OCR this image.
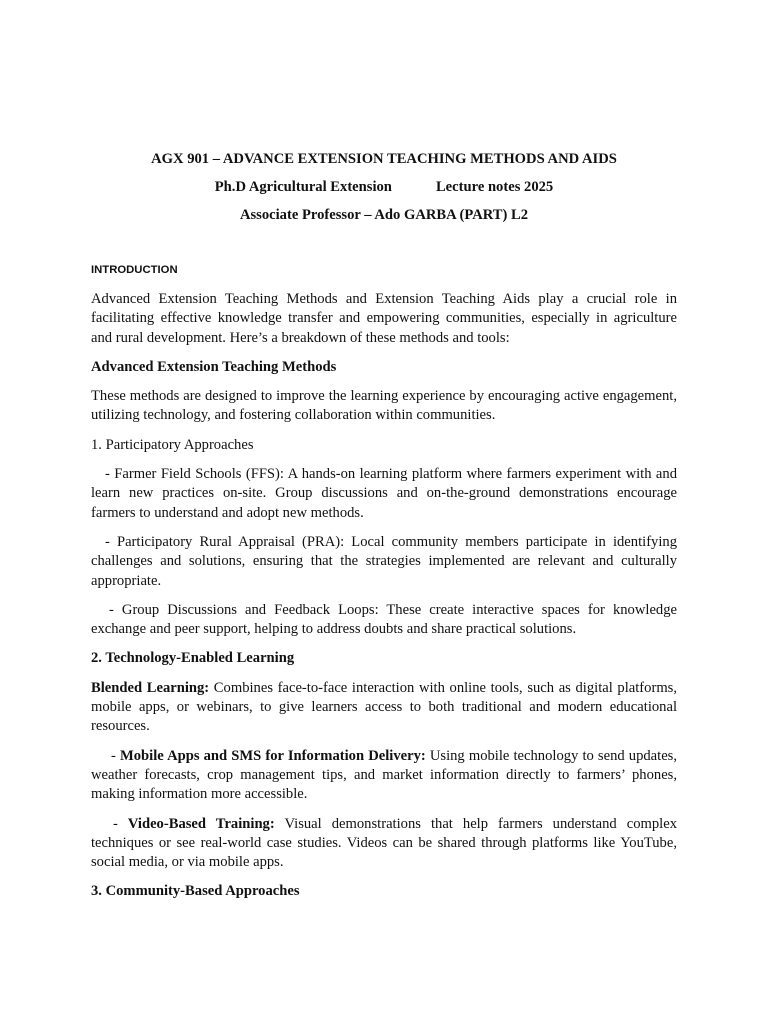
AGX 901 – ADVANCE EXTENSION TEACHING METHODS AND AIDS
Ph.D Agricultural Extension	Lecture notes 2025
Associate Professor – Ado GARBA (PART) L2
INTRODUCTION

Advanced Extension Teaching Methods and Extension Teaching Aids play a crucial role in facilitating effective knowledge transfer and empowering communities, especially in agriculture and rural development. Here’s a breakdown of these methods and tools:

Advanced Extension Teaching Methods

These methods are designed to improve the learning experience by encouraging active engagement, utilizing technology, and fostering collaboration within communities.

1. Participatory Approaches

- Farmer Field Schools (FFS): A hands-on learning platform where farmers experiment with and learn new practices on-site. Group discussions and on-the-ground demonstrations encourage farmers to understand and adopt new methods.

- Participatory Rural Appraisal (PRA): Local community members participate in identifying challenges and solutions, ensuring that the strategies implemented are relevant and culturally appropriate.

- Group Discussions and Feedback Loops: These create interactive spaces for knowledge exchange and peer support, helping to address doubts and share practical solutions.

2. Technology-Enabled Learning

Blended Learning: Combines face-to-face interaction with online tools, such as digital platforms, mobile apps, or webinars, to give learners access to both traditional and modern educational resources.

- Mobile Apps and SMS for Information Delivery: Using mobile technology to send updates, weather forecasts, crop management tips, and market information directly to farmers’ phones, making information more accessible.

- Video-Based Training: Visual demonstrations that help farmers understand complex techniques or see real-world case studies. Videos can be shared through platforms like YouTube, social media, or via mobile apps.

3. Community-Based Approaches
